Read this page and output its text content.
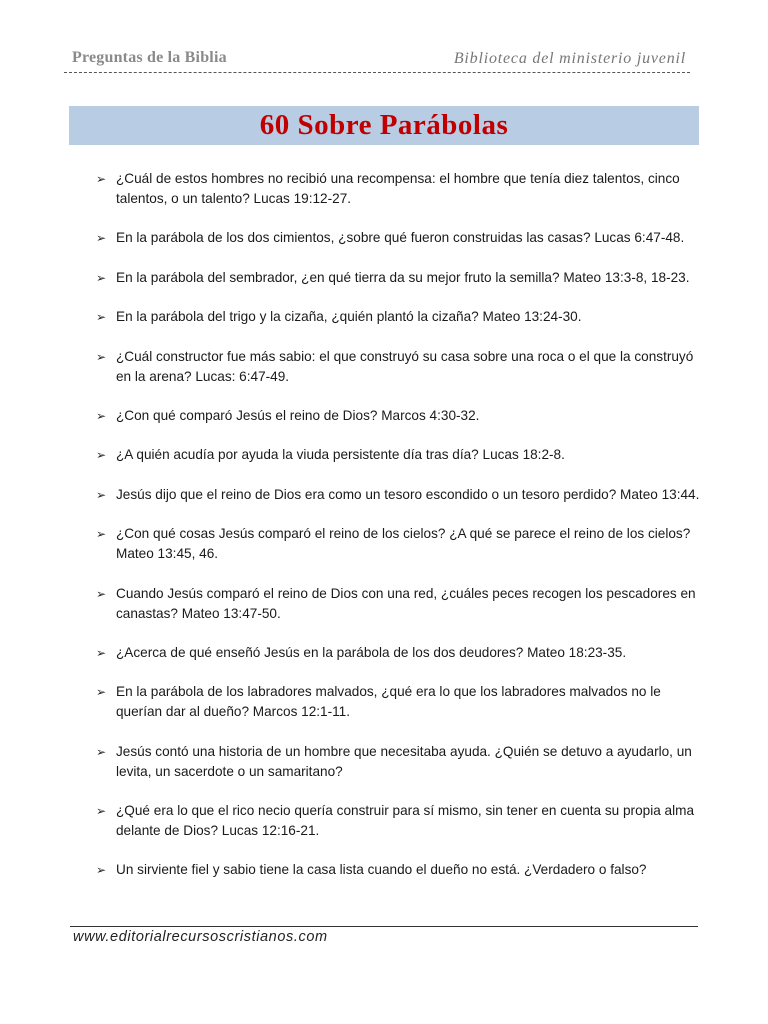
Preguntas de la Biblia	Biblioteca del ministerio juvenil
60 Sobre Parábolas
➢ ¿Cuál de estos hombres no recibió una recompensa: el hombre que tenía diez talentos, cinco talentos, o un talento? Lucas 19:12-27.
➢ En la parábola de los dos cimientos, ¿sobre qué fueron construidas las casas? Lucas 6:47-48.
➢ En la parábola del sembrador, ¿en qué tierra da su mejor fruto la semilla? Mateo 13:3-8, 18-23.
➢ En la parábola del trigo y la cizaña, ¿quién plantó la cizaña? Mateo 13:24-30.
➢ ¿Cuál constructor fue más sabio: el que construyó su casa sobre una roca o el que la construyó en la arena? Lucas: 6:47-49.
➢ ¿Con qué comparó Jesús el reino de Dios? Marcos 4:30-32.
➢ ¿A quién acudía por ayuda la viuda persistente día tras día? Lucas 18:2-8.
➢ Jesús dijo que el reino de Dios era como un tesoro escondido o un tesoro perdido? Mateo 13:44.
➢ ¿Con qué cosas Jesús comparó el reino de los cielos? ¿A qué se parece el reino de los cielos? Mateo 13:45, 46.
➢ Cuando Jesús comparó el reino de Dios con una red, ¿cuáles peces recogen los pescadores en canastas? Mateo 13:47-50.
➢ ¿Acerca de qué enseñó Jesús en la parábola de los dos deudores? Mateo 18:23-35.
➢ En la parábola de los labradores malvados, ¿qué era lo que los labradores malvados no le querían dar al dueño? Marcos 12:1-11.
➢ Jesús contó una historia de un hombre que necesitaba ayuda. ¿Quién se detuvo a ayudarlo, un levita, un sacerdote o un samaritano?
➢ ¿Qué era lo que el rico necio quería construir para sí mismo, sin tener en cuenta su propia alma delante de Dios? Lucas 12:16-21.
➢ Un sirviente fiel y sabio tiene la casa lista cuando el dueño no está. ¿Verdadero o falso?
www.editorialrecursoscristianos.com
